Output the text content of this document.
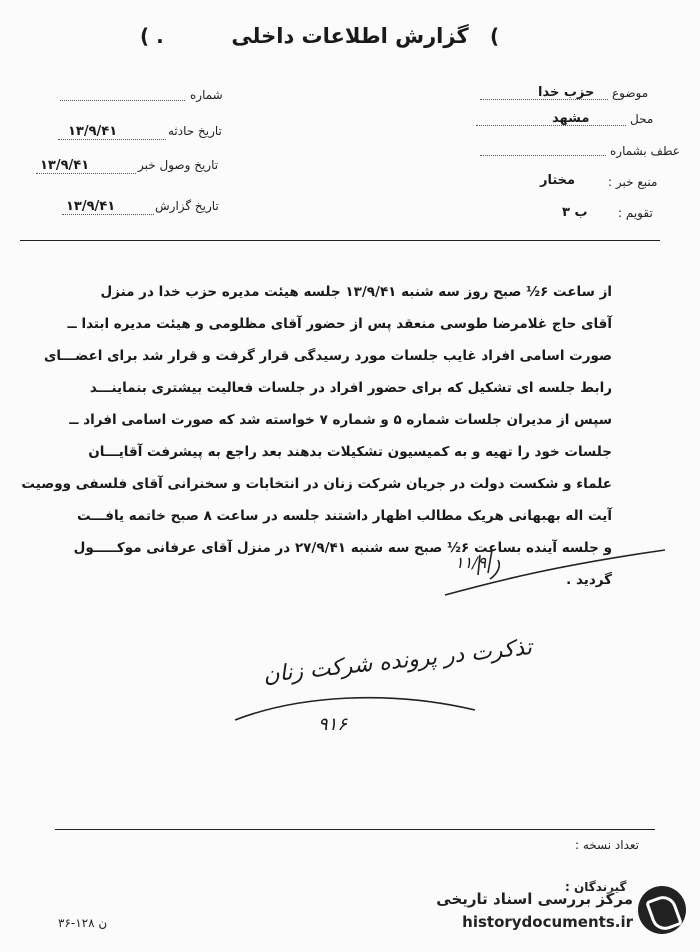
گزارش اطلاعات داخلی
( .	(
شماره
تاریخ حادثه
۱۳/۹/۴۱
تاریخ وصول خبر
۱۳/۹/۴۱
تاریخ گزارش
۱۳/۹/۴۱
موضوع
حزب خدا
محل
مشهد
عطف بشماره
منبع خبر :
مختار
تقویم :
ب ۳
از ساعت ۶½ صبح روز سه شنبه ۱۳/۹/۴۱ جلسه هیئت مدیره حزب خدا در منزل
آقای حاج غلامرضا طوسی منعقد پس از حضور آقای مظلومی و هیئت مدیره ابتدا ــ
صورت اسامی افراد غایب جلسات مورد رسیدگی قرار گرفت و قرار شد برای اعضـــای
رابط جلسه ای تشکیل که برای حضور افراد در جلسات فعالیت بیشتری بنماینـــد
سپس از مدیران جلسات شماره ۵ و شماره ۷ خواسته شد که صورت اسامی افراد ــ
جلسات خود را تهیه و به کمیسیون تشکیلات بدهند بعد راجع به پیشرفت آقایـــان
علماء و شکست دولت در جریان شرکت زنان در انتخابات و سخنرانی آقای فلسفی ووصیت
آیت اله بهبهانی هریک مطالب اظهار داشتند جلسه در ساعت ۸ صبح خاتمه یافـــت
و جلسه آینده بساعت ۶½ صبح سه شنبه ۲۷/۹/۴۱ در منزل آقای عرفانی موکـــــول
گردید .
۱۱/۹
تذکرت در پرونده شرکت زنان
۹۱۶
تعداد نسخه :
گیرندگان :
ن ۱۲۸-۳۶
مرکز بررسی اسناد تاریخی
historydocuments.ir
